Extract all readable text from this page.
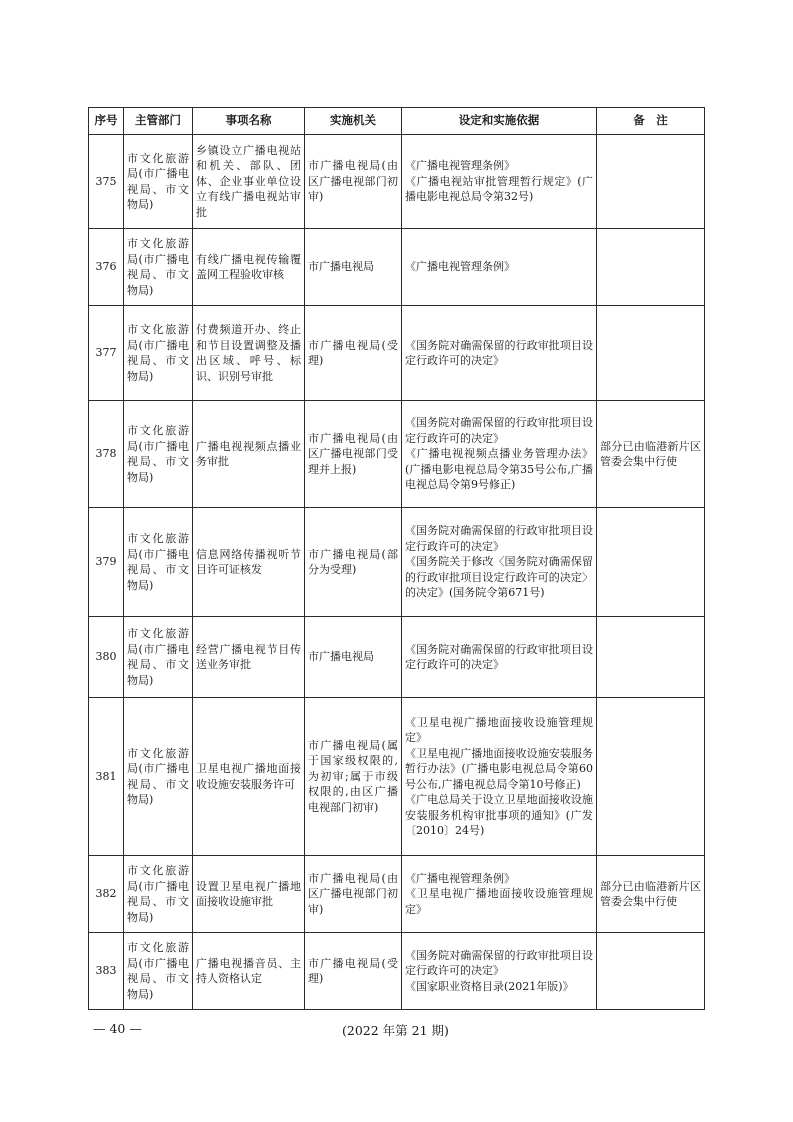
序号	主管部门	事项名称	实施机关	设定和实施依据	备　注
375	市文化旅游局(市广播电视局、市文物局)	乡镇设立广播电视站和机关、部队、团体、企业事业单位设立有线广播电视站审批	市广播电视局(由区广播电视部门初审)	《广播电视管理条例》
《广播电视站审批管理暂行规定》(广播电影电视总局令第32号)	
376	市文化旅游局(市广播电视局、市文物局)	有线广播电视传输覆盖网工程验收审核	市广播电视局	《广播电视管理条例》	
377	市文化旅游局(市广播电视局、市文物局)	付费频道开办、终止和节目设置调整及播出区域、呼号、标识、识别号审批	市广播电视局(受理)	《国务院对确需保留的行政审批项目设定行政许可的决定》	
378	市文化旅游局(市广播电视局、市文物局)	广播电视视频点播业务审批	市广播电视局(由区广播电视部门受理并上报)	《国务院对确需保留的行政审批项目设定行政许可的决定》
《广播电视视频点播业务管理办法》(广播电影电视总局令第35号公布,广播电视总局令第9号修正)	部分已由临港新片区管委会集中行使
379	市文化旅游局(市广播电视局、市文物局)	信息网络传播视听节目许可证核发	市广播电视局(部分为受理)	《国务院对确需保留的行政审批项目设定行政许可的决定》
《国务院关于修改〈国务院对确需保留的行政审批项目设定行政许可的决定〉的决定》(国务院令第671号)	
380	市文化旅游局(市广播电视局、市文物局)	经营广播电视节目传送业务审批	市广播电视局	《国务院对确需保留的行政审批项目设定行政许可的决定》	
381	市文化旅游局(市广播电视局、市文物局)	卫星电视广播地面接收设施安装服务许可	市广播电视局(属于国家级权限的,为初审;属于市级权限的,由区广播电视部门初审)	《卫星电视广播地面接收设施管理规定》
《卫星电视广播地面接收设施安装服务暂行办法》(广播电影电视总局令第60号公布,广播电视总局令第10号修正)
《广电总局关于设立卫星地面接收设施安装服务机构审批事项的通知》(广发〔2010〕24号)	
382	市文化旅游局(市广播电视局、市文物局)	设置卫星电视广播地面接收设施审批	市广播电视局(由区广播电视部门初审)	《广播电视管理条例》
《卫星电视广播地面接收设施管理规定》	部分已由临港新片区管委会集中行使
383	市文化旅游局(市广播电视局、市文物局)	广播电视播音员、主持人资格认定	市广播电视局(受理)	《国务院对确需保留的行政审批项目设定行政许可的决定》
《国家职业资格目录(2021年版)》	
— 40 —	(2022 年第 21 期)
